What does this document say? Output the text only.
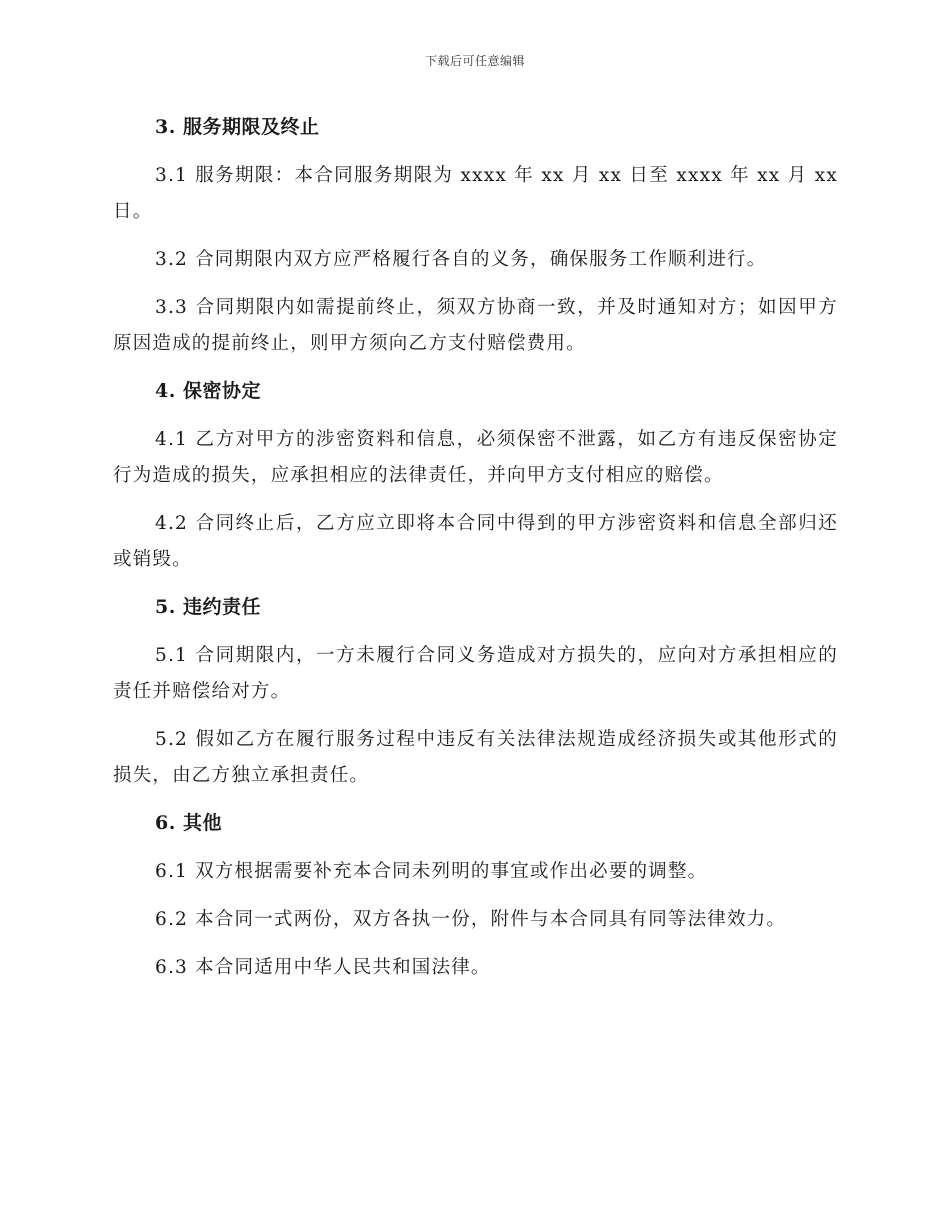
下载后可任意编辑
3. 服务期限及终止

3.1 服务期限：本合同服务期限为 xxxx 年 xx 月 xx 日至 xxxx 年 xx 月 xx 日。

3.2 合同期限内双方应严格履行各自的义务，确保服务工作顺利进行。

3.3 合同期限内如需提前终止，须双方协商一致，并及时通知对方；如因甲方原因造成的提前终止，则甲方须向乙方支付赔偿费用。

4. 保密协定

4.1 乙方对甲方的涉密资料和信息，必须保密不泄露，如乙方有违反保密协定行为造成的损失，应承担相应的法律责任，并向甲方支付相应的赔偿。

4.2 合同终止后，乙方应立即将本合同中得到的甲方涉密资料和信息全部归还或销毁。

5. 违约责任

5.1 合同期限内，一方未履行合同义务造成对方损失的，应向对方承担相应的责任并赔偿给对方。

5.2 假如乙方在履行服务过程中违反有关法律法规造成经济损失或其他形式的损失，由乙方独立承担责任。

6. 其他

6.1 双方根据需要补充本合同未列明的事宜或作出必要的调整。

6.2 本合同一式两份，双方各执一份，附件与本合同具有同等法律效力。

6.3 本合同适用中华人民共和国法律。
